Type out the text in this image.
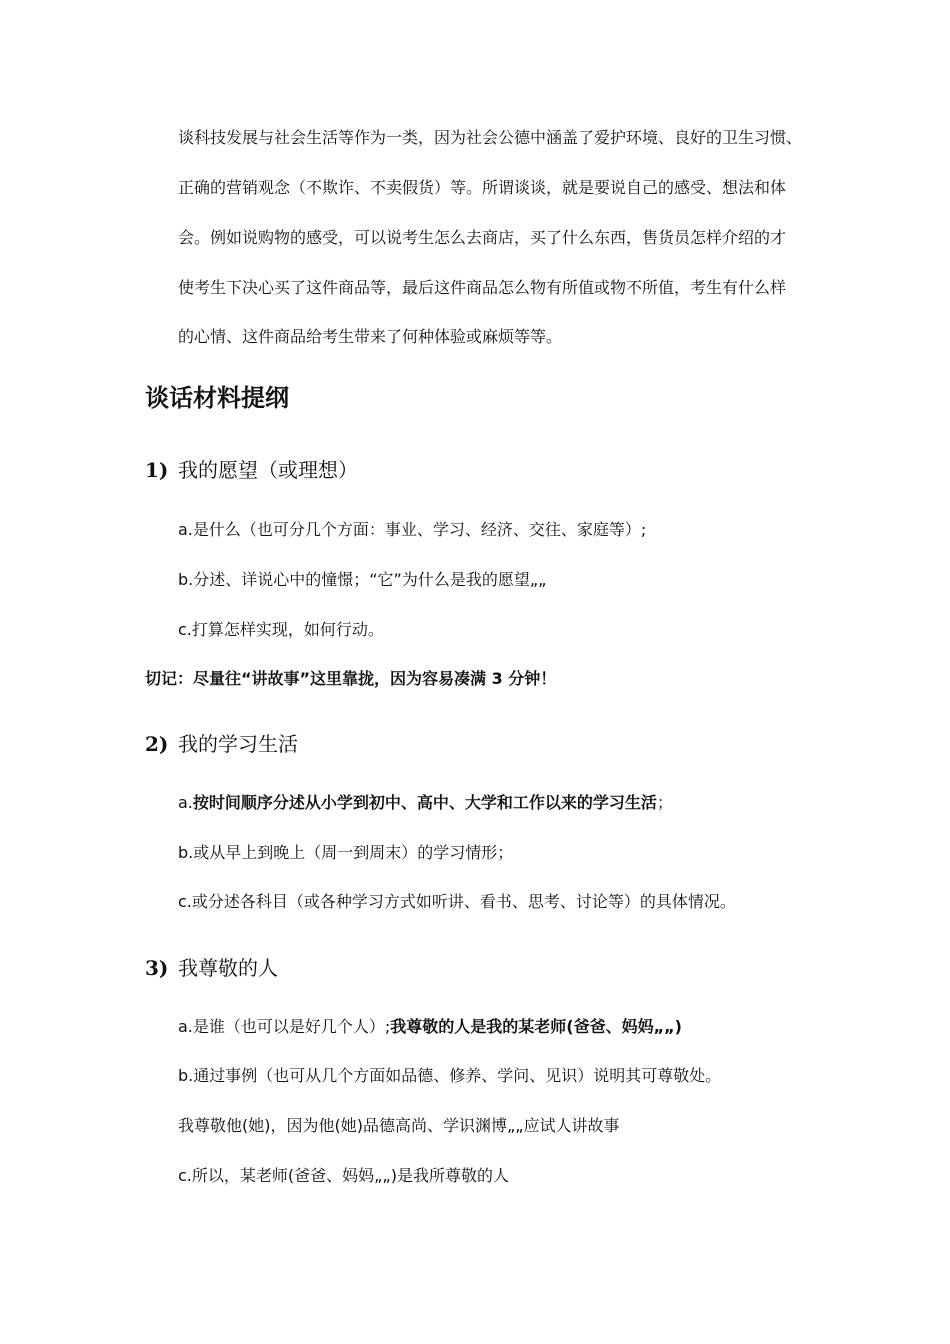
谈科技发展与社会生活等作为一类，因为社会公德中涵盖了爱护环境、良好的卫生习惯、
正确的营销观念（不欺诈、不卖假货）等。所谓谈谈，就是要说自己的感受、想法和体
会。例如说购物的感受，可以说考生怎么去商店，买了什么东西，售货员怎样介绍的才
使考生下决心买了这件商品等，最后这件商品怎么物有所值或物不所值，考生有什么样
的心情、这件商品给考生带来了何种体验或麻烦等等。
谈话材料提纲
1) 我的愿望（或理想）
a.是什么（也可分几个方面：事业、学习、经济、交往、家庭等）;
b.分述、详说心中的憧憬；“它”为什么是我的愿望„„
c.打算怎样实现，如何行动。
切记：尽量往“讲故事”这里靠拢，因为容易凑满 3 分钟！
2) 我的学习生活
a.按时间顺序分述从小学到初中、高中、大学和工作以来的学习生活；
b.或从早上到晚上（周一到周末）的学习情形；
c.或分述各科目（或各种学习方式如听讲、看书、思考、讨论等）的具体情况。
3) 我尊敬的人
a.是谁（也可以是好几个人）;我尊敬的人是我的某老师(爸爸、妈妈„„)
b.通过事例（也可从几个方面如品德、修养、学问、见识）说明其可尊敬处。
我尊敬他(她)，因为他(她)品德高尚、学识渊博„„应试人讲故事
c.所以，某老师(爸爸、妈妈„„)是我所尊敬的人
